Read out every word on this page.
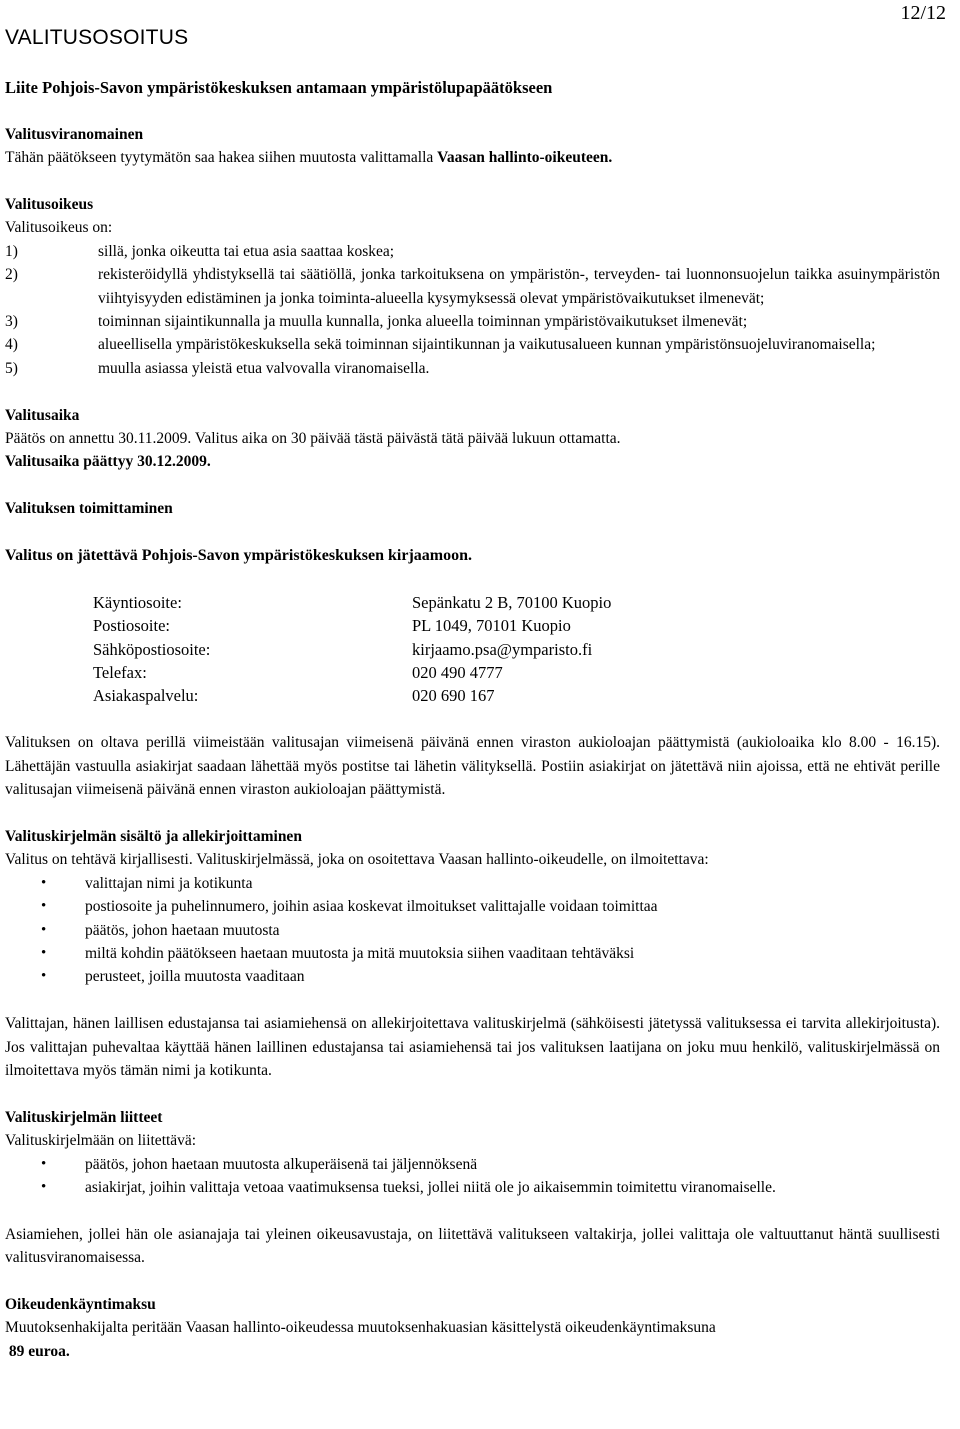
VALITUSOSOITUS
12/12
Liite Pohjois-Savon ympäristökeskuksen antamaan ympäristölupapäätökseen
Valitusviranomainen
Tähän päätökseen tyytymätön saa hakea siihen muutosta valittamalla Vaasan hallinto-oikeuteen.
Valitusoikeus
Valitusoikeus on:
1)	sillä, jonka oikeutta tai etua asia saattaa koskea;
2)	rekisteröidyllä yhdistyksellä tai säätiöllä, jonka tarkoituksena on ympäristön-, terveyden- tai luonnonsuojelun taikka asuinympäristön viihtyisyyden edistäminen ja jonka toiminta-alueella kysymyksessä olevat ympäristövaikutukset ilmenevät;
3)	toiminnan sijaintikunnalla ja muulla kunnalla, jonka alueella toiminnan ympäristövaikutukset ilmenevät;
4)	alueellisella ympäristökeskuksella sekä toiminnan sijaintikunnan ja vaikutusalueen kunnan ympäristönsuojeluviranomaisella;
5)	muulla asiassa yleistä etua valvovalla viranomaisella.
Valitusaika
Päätös on annettu 30.11.2009. Valitus aika on 30 päivää tästä päivästä tätä päivää lukuun ottamatta.
Valitusaika päättyy 30.12.2009.
Valituksen toimittaminen
Valitus on jätettävä Pohjois-Savon ympäristökeskuksen kirjaamoon.
Käyntiosoite:	Sepänkatu 2 B, 70100 Kuopio
Postiosoite:	PL 1049, 70101 Kuopio
Sähköpostiosoite:	kirjaamo.psa@ymparisto.fi
Telefax:	020 490 4777
Asiakaspalvelu:	020 690 167
Valituksen on oltava perillä viimeistään valitusajan viimeisenä päivänä ennen viraston aukioloajan päättymistä (aukioloaika klo 8.00 - 16.15). Lähettäjän vastuulla asiakirjat saadaan lähettää myös postitse tai lähetin välityksellä. Postiin asiakirjat on jätettävä niin ajoissa, että ne ehtivät perille valitusajan viimeisenä päivänä ennen viraston aukioloajan päättymistä.
Valituskirjelmän sisältö ja allekirjoittaminen
Valitus on tehtävä kirjallisesti. Valituskirjelmässä, joka on osoitettava Vaasan hallinto-oikeudelle, on ilmoitettava:
• valittajan nimi ja kotikunta
• postiosoite ja puhelinnumero, joihin asiaa koskevat ilmoitukset valittajalle voidaan toimittaa
• päätös, johon haetaan muutosta
• miltä kohdin päätökseen haetaan muutosta ja mitä muutoksia siihen vaaditaan tehtäväksi
• perusteet, joilla muutosta vaaditaan
Valittajan, hänen laillisen edustajansa tai asiamiehensä on allekirjoitettava valituskirjelmä (sähköisesti jätetyssä valituksessa ei tarvita allekirjoitusta). Jos valittajan puhevaltaa käyttää hänen laillinen edustajansa tai asiamiehensä tai jos valituksen laatijana on joku muu henkilö, valituskirjelmässä on ilmoitettava myös tämän nimi ja kotikunta.
Valituskirjelmän liitteet
Valituskirjelmään on liitettävä:
• päätös, johon haetaan muutosta alkuperäisenä tai jäljennöksenä
• asiakirjat, joihin valittaja vetoaa vaatimuksensa tueksi, jollei niitä ole jo aikaisemmin toimitettu viranomaiselle.
Asiamiehen, jollei hän ole asianajaja tai yleinen oikeusavustaja, on liitettävä valitukseen valtakirja, jollei valittaja ole valtuuttanut häntä suullisesti valitusviranomaisessa.
Oikeudenkäyntimaksu
Muutoksenhakijalta peritään Vaasan hallinto-oikeudessa muutoksenhakuasian käsittelystä oikeudenkäyntimaksuna
89 euroa.
